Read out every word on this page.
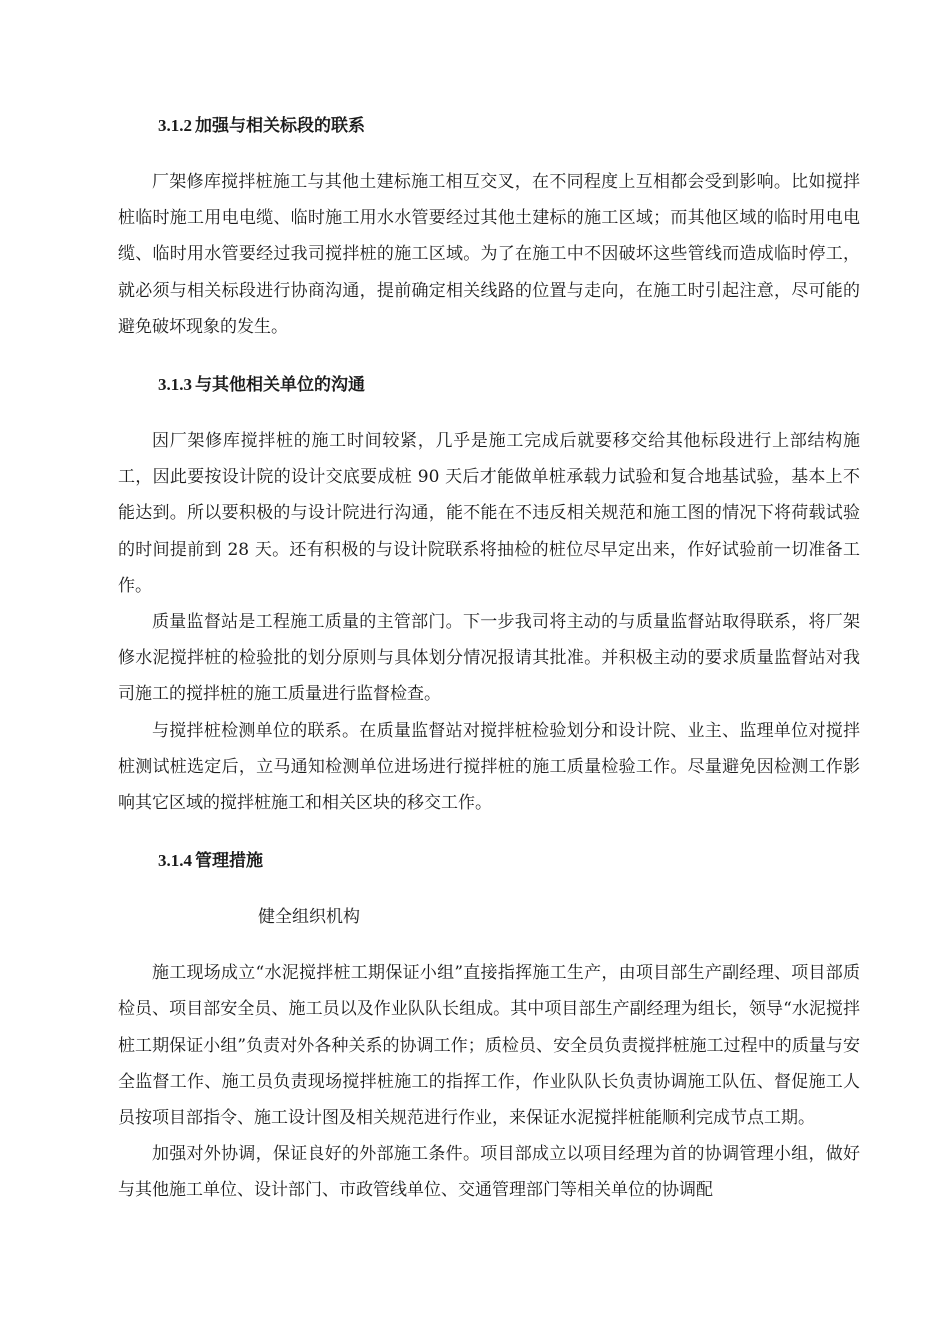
3.1.2 加强与相关标段的联系

厂架修库搅拌桩施工与其他土建标施工相互交叉，在不同程度上互相都会受到影响。比如搅拌桩临时施工用电电缆、临时施工用水水管要经过其他土建标的施工区域；而其他区域的临时用电电缆、临时用水管要经过我司搅拌桩的施工区域。为了在施工中不因破坏这些管线而造成临时停工，就必须与相关标段进行协商沟通，提前确定相关线路的位置与走向，在施工时引起注意，尽可能的避免破坏现象的发生。

3.1.3 与其他相关单位的沟通

因厂架修库搅拌桩的施工时间较紧，几乎是施工完成后就要移交给其他标段进行上部结构施工，因此要按设计院的设计交底要成桩 90 天后才能做单桩承载力试验和复合地基试验，基本上不能达到。所以要积极的与设计院进行沟通，能不能在不违反相关规范和施工图的情况下将荷载试验的时间提前到 28 天。还有积极的与设计院联系将抽检的桩位尽早定出来，作好试验前一切准备工作。

质量监督站是工程施工质量的主管部门。下一步我司将主动的与质量监督站取得联系，将厂架修水泥搅拌桩的检验批的划分原则与具体划分情况报请其批准。并积极主动的要求质量监督站对我司施工的搅拌桩的施工质量进行监督检查。

与搅拌桩检测单位的联系。在质量监督站对搅拌桩检验划分和设计院、业主、监理单位对搅拌桩测试桩选定后，立马通知检测单位进场进行搅拌桩的施工质量检验工作。尽量避免因检测工作影响其它区域的搅拌桩施工和相关区块的移交工作。

3.1.4 管理措施

健全组织机构

施工现场成立“水泥搅拌桩工期保证小组”直接指挥施工生产，由项目部生产副经理、项目部质检员、项目部安全员、施工员以及作业队队长组成。其中项目部生产副经理为组长，领导“水泥搅拌桩工期保证小组”负责对外各种关系的协调工作；质检员、安全员负责搅拌桩施工过程中的质量与安全监督工作、施工员负责现场搅拌桩施工的指挥工作，作业队队长负责协调施工队伍、督促施工人员按项目部指令、施工设计图及相关规范进行作业，来保证水泥搅拌桩能顺利完成节点工期。

加强对外协调，保证良好的外部施工条件。项目部成立以项目经理为首的协调管理小组，做好与其他施工单位、设计部门、市政管线单位、交通管理部门等相关单位的协调配
